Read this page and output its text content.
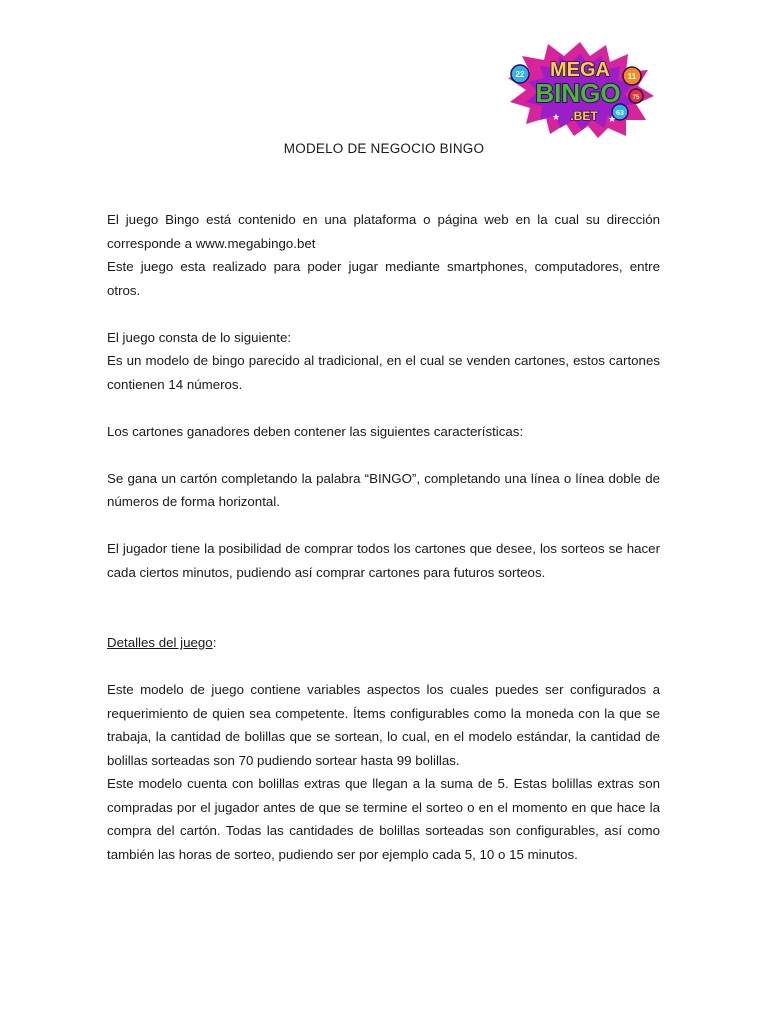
22	11
63
75
MEGA
BINGO
.BET
★	★
MODELO DE NEGOCIO BINGO

El juego Bingo está contenido en una plataforma o página web en la cual su dirección corresponde a www.megabingo.bet

Este juego esta realizado para poder jugar mediante smartphones, computadores, entre otros.

El juego consta de lo siguiente:

Es un modelo de bingo parecido al tradicional, en el cual se venden cartones, estos cartones contienen 14 números.

Los cartones ganadores deben contener las siguientes características:

Se gana un cartón completando la palabra “BINGO”, completando una línea o línea doble de números de forma horizontal.

El jugador tiene la posibilidad de comprar todos los cartones que desee, los sorteos se hacer cada ciertos minutos, pudiendo así comprar cartones para futuros sorteos.

Detalles del juego:

Este modelo de juego contiene variables aspectos los cuales puedes ser configurados a requerimiento de quien sea competente. Ítems configurables como la moneda con la que se trabaja, la cantidad de bolillas que se sortean, lo cual, en el modelo estándar, la cantidad de bolillas sorteadas son 70 pudiendo sortear hasta 99 bolillas.

Este modelo cuenta con bolillas extras que llegan a la suma de 5. Estas bolillas extras son compradas por el jugador antes de que se termine el sorteo o en el momento en que hace la compra del cartón. Todas las cantidades de bolillas sorteadas son configurables, así como también las horas de sorteo, pudiendo ser por ejemplo cada 5, 10 o 15 minutos.
